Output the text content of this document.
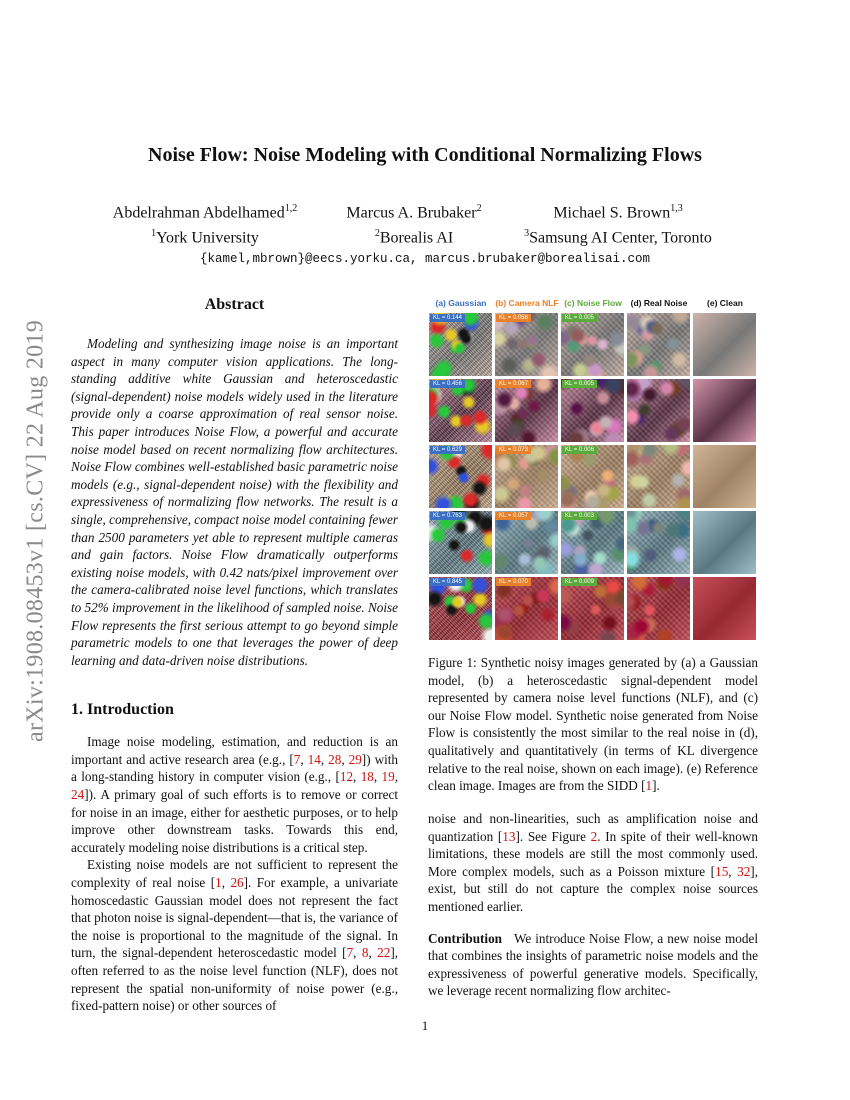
arXiv:1908.08453v1 [cs.CV] 22 Aug 2019
Noise Flow: Noise Modeling with Conditional Normalizing Flows
Abdelrahman Abdelhamed$^{1,2}$
$^1$York University
Marcus A. Brubaker$^2$
$^2$Borealis AI
Michael S. Brown$^{1,3}$
$^3$Samsung AI Center, Toronto
{kamel,mbrown}@eecs.yorku.ca, marcus.brubaker@borealisai.com
Abstract

Modeling and synthesizing image noise is an important aspect in many computer vision applications. The long-standing additive white Gaussian and heteroscedastic (signal-dependent) noise models widely used in the literature provide only a coarse approximation of real sensor noise. This paper introduces Noise Flow, a powerful and accurate noise model based on recent normalizing flow architectures. Noise Flow combines well-established basic parametric noise models (e.g., signal-dependent noise) with the flexibility and expressiveness of normalizing flow networks. The result is a single, comprehensive, compact noise model containing fewer than 2500 parameters yet able to represent multiple cameras and gain factors. Noise Flow dramatically outperforms existing noise models, with 0.42 nats/pixel improvement over the camera-calibrated noise level functions, which translates to 52% improvement in the likelihood of sampled noise. Noise Flow represents the first serious attempt to go beyond simple parametric models to one that leverages the power of deep learning and data-driven noise distributions.

1. Introduction

Image noise modeling, estimation, and reduction is an important and active research area (e.g., [7, 14, 28, 29]) with a long-standing history in computer vision (e.g., [12, 18, 19, 24]). A primary goal of such efforts is to remove or correct for noise in an image, either for aesthetic purposes, or to help improve other downstream tasks. Towards this end, accurately modeling noise distributions is a critical step.

Existing noise models are not sufficient to represent the complexity of real noise [1, 26]. For example, a univariate homoscedastic Gaussian model does not represent the fact that photon noise is signal-dependent—that is, the variance of the noise is proportional to the magnitude of the signal. In turn, the signal-dependent heteroscedastic model [7, 8, 22], often referred to as the noise level function (NLF), does not represent the spatial non-uniformity of noise power (e.g., fixed-pattern noise) or other sources of

(a) Gaussian	(b) Camera NLF (c) Noise Flow	(d) Real Noise	(e) Clean
KL = 0.144	KL = 0.056	KL = 0.005
KL = 0.456	KL = 0.067	KL = 0.005
KL = 0.629	KL = 0.073	KL = 0.006
KL = 0.763	KL = 0.057	KL = 0.003
KL = 0.845	KL = 0.070	KL = 0.009

Figure 1: Synthetic noisy images generated by (a) a Gaussian model, (b) a heteroscedastic signal-dependent model represented by camera noise level functions (NLF), and (c) our Noise Flow model. Synthetic noise generated from Noise Flow is consistently the most similar to the real noise in (d), qualitatively and quantitatively (in terms of KL divergence relative to the real noise, shown on each image). (e) Reference clean image. Images are from the SIDD [1].

noise and non-linearities, such as amplification noise and quantization [13]. See Figure 2. In spite of their well-known limitations, these models are still the most commonly used. More complex models, such as a Poisson mixture [15, 32], exist, but still do not capture the complex noise sources mentioned earlier.

Contribution We introduce Noise Flow, a new noise model that combines the insights of parametric noise models and the expressiveness of powerful generative models. Specifically, we leverage recent normalizing flow architec-

1
